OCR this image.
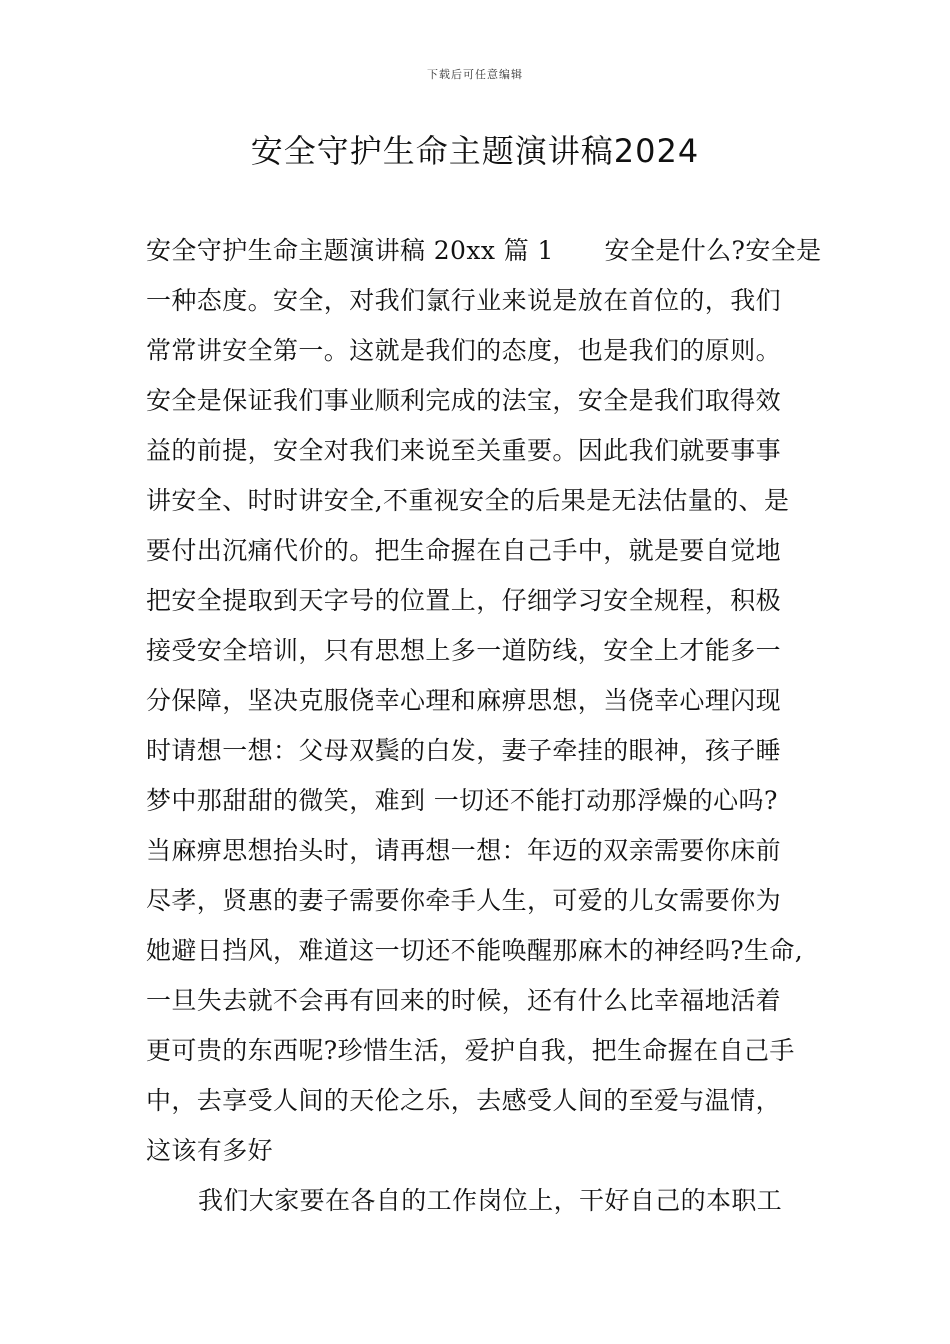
下载后可任意编辑
安全守护生命主题演讲稿2024
安全守护生命主题演讲稿 20xx 篇 1　　安全是什么?安全是
一种态度。安全，对我们氯行业来说是放在首位的，我们
常常讲安全第一。这就是我们的态度，也是我们的原则。
安全是保证我们事业顺利完成的法宝，安全是我们取得效
益的前提，安全对我们来说至关重要。因此我们就要事事
讲安全、时时讲安全,不重视安全的后果是无法估量的、是
要付出沉痛代价的。把生命握在自己手中，就是要自觉地
把安全提取到天字号的位置上，仔细学习安全规程，积极
接受安全培训，只有思想上多一道防线，安全上才能多一
分保障，坚决克服侥幸心理和麻痹思想，当侥幸心理闪现
时请想一想：父母双鬓的白发，妻子牵挂的眼神，孩子睡
梦中那甜甜的微笑，难到 一切还不能打动那浮燥的心吗?
当麻痹思想抬头时，请再想一想：年迈的双亲需要你床前
尽孝，贤惠的妻子需要你牵手人生，可爱的儿女需要你为
她避日挡风，难道这一切还不能唤醒那麻木的神经吗?生命,
一旦失去就不会再有回来的时候，还有什么比幸福地活着
更可贵的东西呢?珍惜生活，爱护自我，把生命握在自己手
中，去享受人间的天伦之乐，去感受人间的至爱与温情，
这该有多好
我们大家要在各自的工作岗位上，干好自己的本职工
